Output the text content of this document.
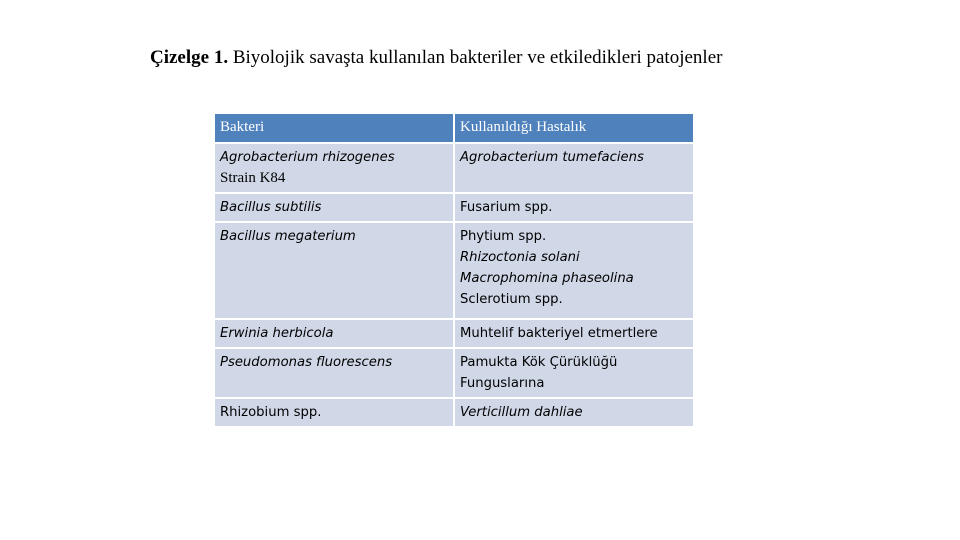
Çizelge 1. Biyolojik savaşta kullanılan bakteriler ve etkiledikleri patojenler
Bakteri	Kullanıldığı Hastalık

Agrobacterium rhizogenes
Strain K84	Agrobacterium tumefaciens

Bacillus subtilis	Fusarium spp.

Bacillus megaterium	Phytium spp.
Rhizoctonia solani
Macrophomina phaseolina
Sclerotium spp.

Erwinia herbicola	Muhtelif bakteriyel etmertlere

Pseudomonas fluorescens	Pamukta Kök Çürüklüğü
Funguslarına

Rhizobium spp.	Verticillum dahliae
